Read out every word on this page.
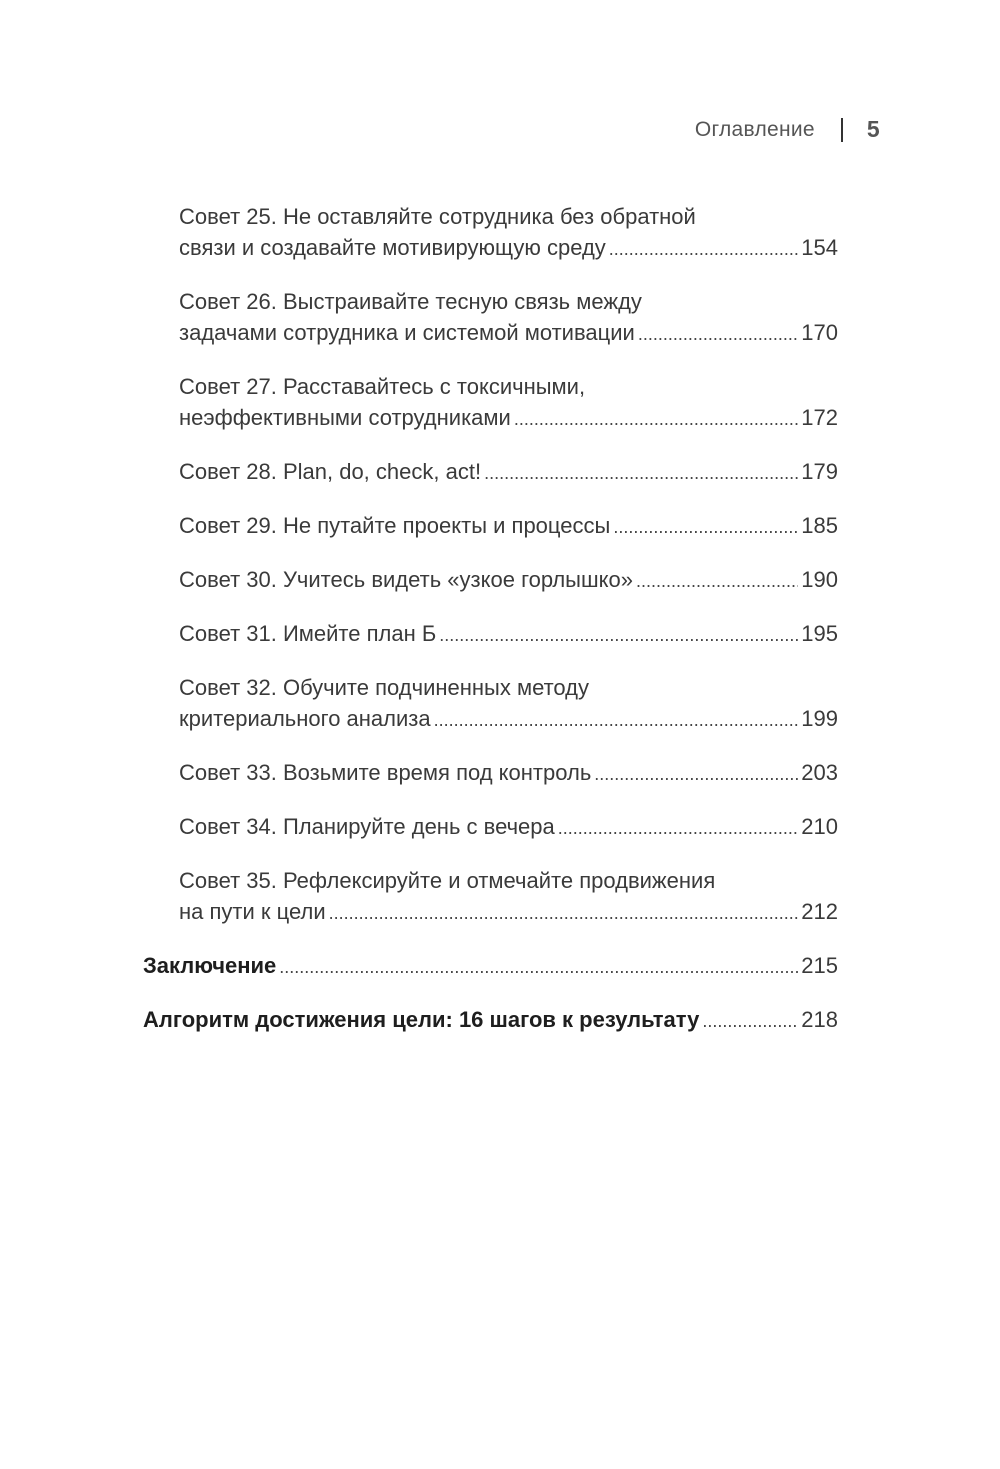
Оглавление 5
Совет 25. Не оставляйте сотрудника без обратной
связи и создавайте мотивирующую среду . . .	154
Совет 26. Выстраивайте тесную связь между
задачами сотрудника и системой мотивации . . .	170
Совет 27. Расставайтесь с токсичными,
неэффективными сотрудниками . . .	172
Совет 28. Plan, do, check, act! . . .	179
Совет 29. Не путайте проекты и процессы . . .	185
Совет 30. Учитесь видеть «узкое горлышко» . . .	190
Совет 31. Имейте план Б . . .	195
Совет 32. Обучите подчиненных методу
критериального анализа . . .	199
Совет 33. Возьмите время под контроль . . .	203
Совет 34. Планируйте день с вечера . . .	210
Совет 35. Рефлексируйте и отмечайте продвижения
на пути к цели . . .	212
Заключение . . .	215
Алгоритм достижения цели: 16 шагов к результату . . .	218
